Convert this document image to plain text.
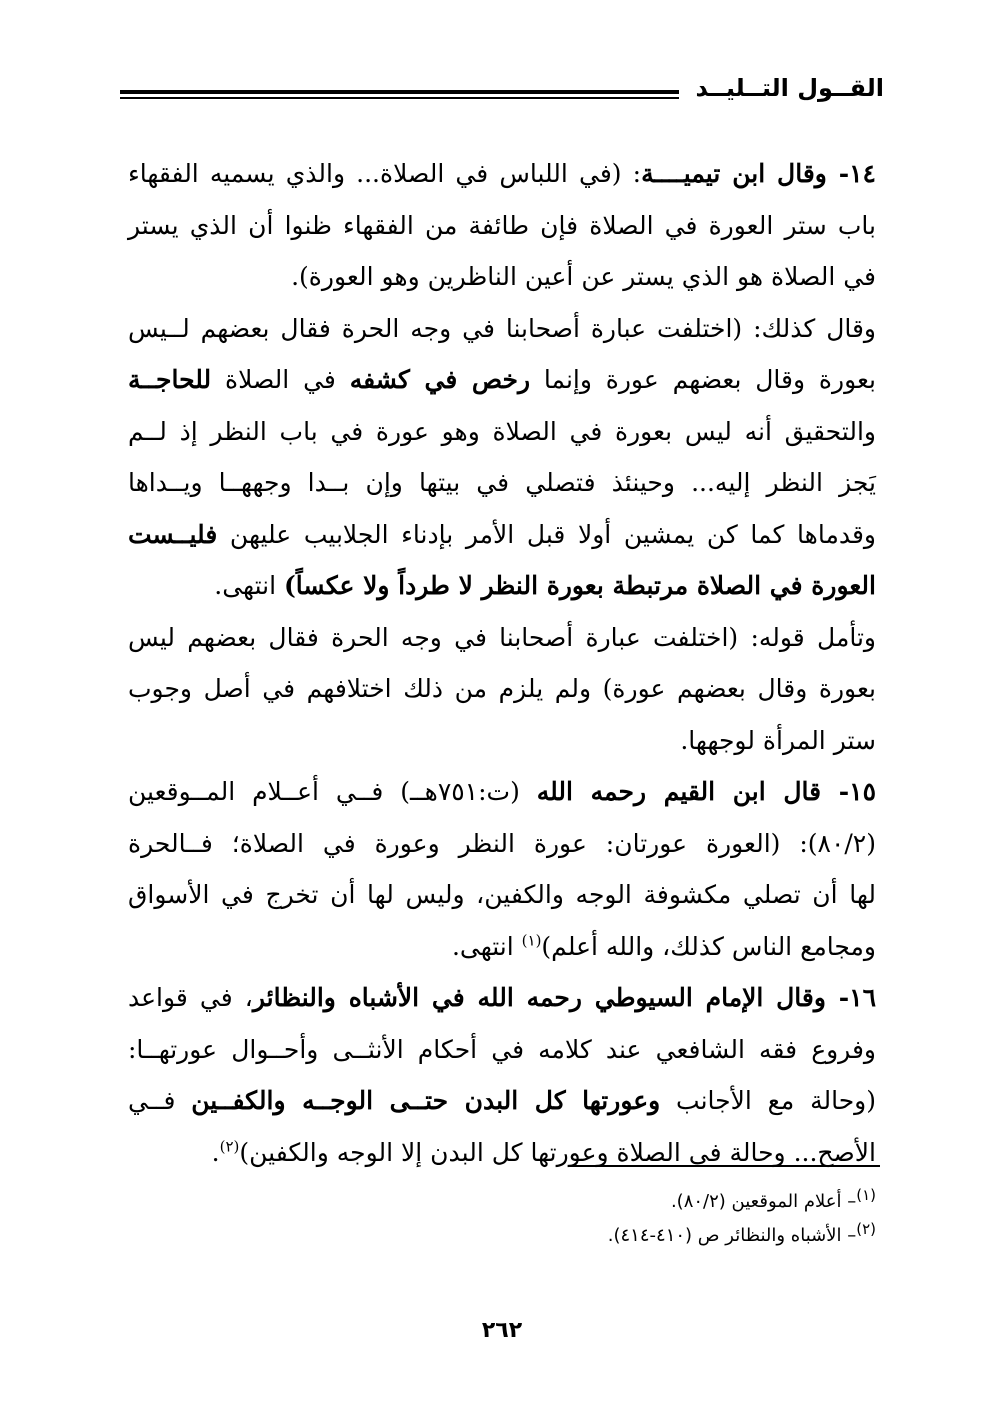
القــول التــليــد
١٤- وقال ابن تيميــــة: (في اللباس في الصلاة... والذي يسميه الفقهاء
باب ستر العورة في الصلاة فإن طائفة من الفقهاء ظنوا أن الذي يستر
في الصلاة هو الذي يستر عن أعين الناظرين وهو العورة).
وقال كذلك: (اختلفت عبارة أصحابنا في وجه الحرة فقال بعضهم لــيس
بعورة وقال بعضهم عورة وإنما رخص في كشفه في الصلاة للحاجــة
والتحقيق أنه ليس بعورة في الصلاة وهو عورة في باب النظر إذ لــم
يَجز النظر إليه... وحينئذ فتصلي في بيتها وإن بــدا وجههــا ويــداها
وقدماها كما كن يمشين أولا قبل الأمر بإدناء الجلابيب عليهن فليــست
العورة في الصلاة مرتبطة بعورة النظر لا طرداً ولا عكساً) انتهى.
وتأمل قوله: (اختلفت عبارة أصحابنا في وجه الحرة فقال بعضهم ليس
بعورة وقال بعضهم عورة) ولم يلزم من ذلك اختلافهم في أصل وجوب
ستر المرأة لوجهها.
١٥- قال ابن القيم رحمه الله (ت:٧٥١هــ) فــي أعــلام المــوقعين
(٨٠/٢): (العورة عورتان: عورة النظر وعورة في الصلاة؛ فــالحرة
لها أن تصلي مكشوفة الوجه والكفين، وليس لها أن تخرج في الأسواق
ومجامع الناس كذلك، والله أعلم)$^{(١)}$ انتهى.
١٦- وقال الإمام السيوطي رحمه الله في الأشباه والنظائر، في قواعد
وفروع فقه الشافعي عند كلامه في أحكام الأنثــى وأحــوال عورتهــا:
(وحالة مع الأجانب وعورتها كل البدن حتــى الوجــه والكفــين فــي
الأصح... وحالة في الصلاة وعورتها كل البدن إلا الوجه والكفين)$^{(٢)}$.
$^{(١)}$– أعلام الموقعين (٨٠/٢).
$^{(٢)}$– الأشباه والنظائر ص (٤١٠-٤١٤).
٢٦٢
